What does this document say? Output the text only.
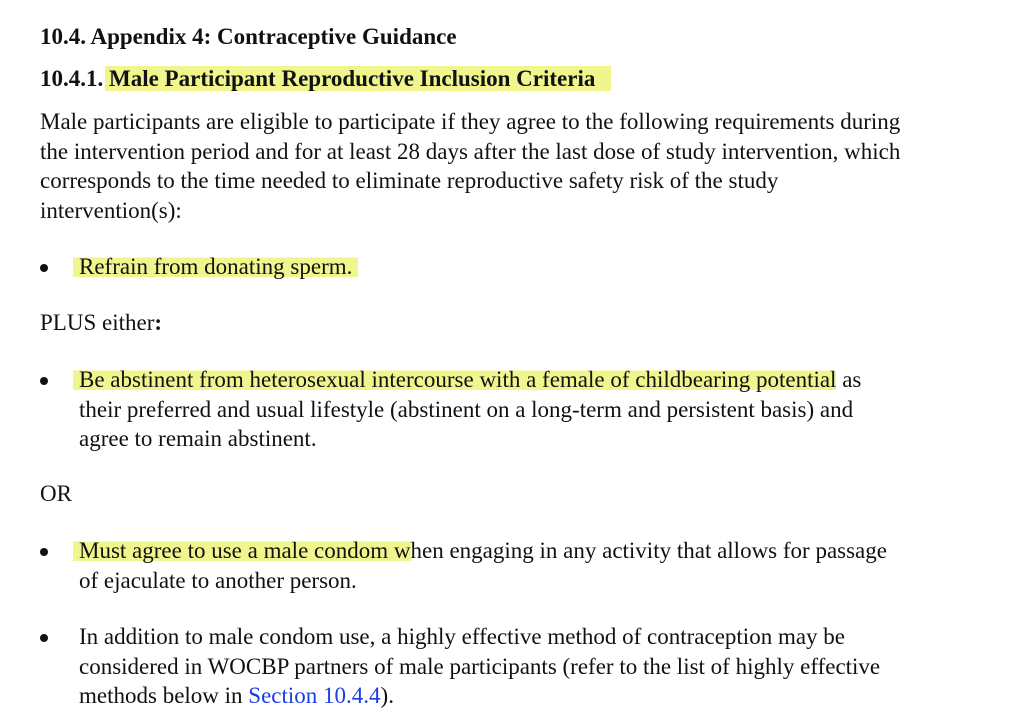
10.4. Appendix 4: Contraceptive Guidance
10.4.1. Male Participant Reproductive Inclusion Criteria
Male participants are eligible to participate if they agree to the following requirements during
the intervention period and for at least 28 days after the last dose of study intervention, which
corresponds to the time needed to eliminate reproductive safety risk of the study
intervention(s):
Refrain from donating sperm.
PLUS either:
Be abstinent from heterosexual intercourse with a female of childbearing potential as
their preferred and usual lifestyle (abstinent on a long-term and persistent basis) and
agree to remain abstinent.
OR
Must agree to use a male condom when engaging in any activity that allows for passage
of ejaculate to another person.
In addition to male condom use, a highly effective method of contraception may be
considered in WOCBP partners of male participants (refer to the list of highly effective
methods below in Section 10.4.4).
